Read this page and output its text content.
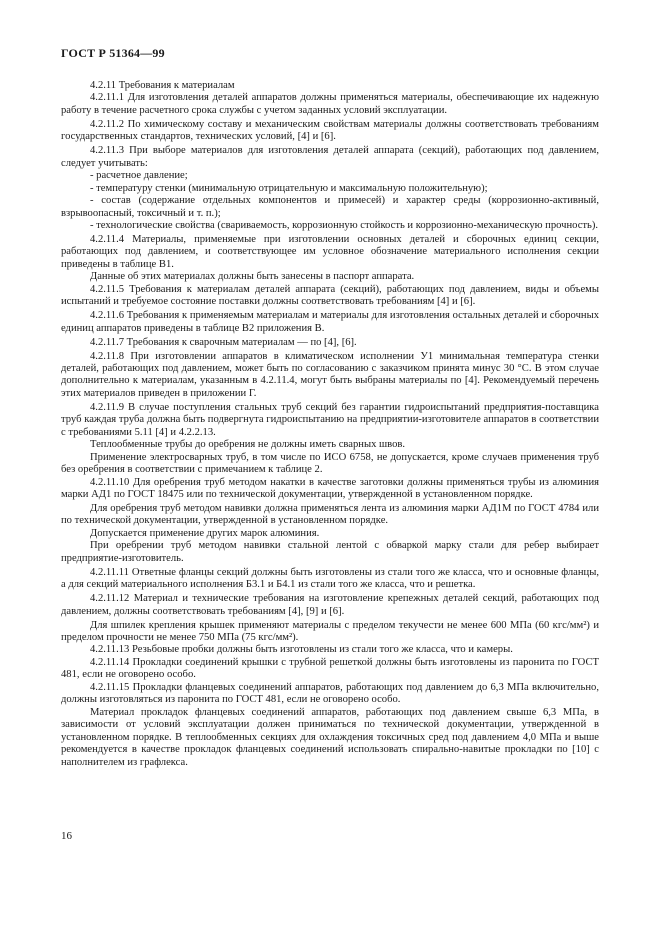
ГОСТ Р 51364—99

4.2.11 Требования к материалам

4.2.11.1 Для изготовления деталей аппаратов должны применяться материалы, обеспечивающие их надежную работу в течение расчетного срока службы с учетом заданных условий эксплуатации.

4.2.11.2 По химическому составу и механическим свойствам материалы должны соответствовать требованиям государственных стандартов, технических условий, [4] и [6].

4.2.11.3 При выборе материалов для изготовления деталей аппарата (секций), работающих под давлением, следует учитывать:

- расчетное давление;

- температуру стенки (минимальную отрицательную и максимальную положительную);

- состав (содержание отдельных компонентов и примесей) и характер среды (коррозионно-активный, взрывоопасный, токсичный и т. п.);

- технологические свойства (свариваемость, коррозионную стойкость и коррозионно-механическую прочность).

4.2.11.4 Материалы, применяемые при изготовлении основных деталей и сборочных единиц секции, работающих под давлением, и соответствующее им условное обозначение материального исполнения секции приведены в таблице В1.

Данные об этих материалах должны быть занесены в паспорт аппарата.

4.2.11.5 Требования к материалам деталей аппарата (секций), работающих под давлением, виды и объемы испытаний и требуемое состояние поставки должны соответствовать требованиям [4] и [6].

4.2.11.6 Требования к применяемым материалам и материалы для изготовления остальных деталей и сборочных единиц аппаратов приведены в таблице В2 приложения В.

4.2.11.7 Требования к сварочным материалам — по [4], [6].

4.2.11.8 При изготовлении аппаратов в климатическом исполнении У1 минимальная температура стенки деталей, работающих под давлением, может быть по согласованию с заказчиком принята минус 30 °С. В этом случае дополнительно к материалам, указанным в 4.2.11.4, могут быть выбраны материалы по [4]. Рекомендуемый перечень этих материалов приведен в приложении Г.

4.2.11.9 В случае поступления стальных труб секций без гарантии гидроиспытаний предприятия-поставщика труб каждая труба должна быть подвергнута гидроиспытанию на предприятии-изготовителе аппаратов в соответствии с требованиями 5.11 [4] и 4.2.2.13.

Теплообменные трубы до оребрения не должны иметь сварных швов.

Применение электросварных труб, в том числе по ИСО 6758, не допускается, кроме случаев применения труб без оребрения в соответствии с примечанием к таблице 2.

4.2.11.10 Для оребрения труб методом накатки в качестве заготовки должны применяться трубы из алюминия марки АД1 по ГОСТ 18475 или по технической документации, утвержденной в установленном порядке.

Для оребрения труб методом навивки должна применяться лента из алюминия марки АД1М по ГОСТ 4784 или по технической документации, утвержденной в установленном порядке.

Допускается применение других марок алюминия.

При оребрении труб методом навивки стальной лентой с обваркой марку стали для ребер выбирает предприятие-изготовитель.

4.2.11.11 Ответные фланцы секций должны быть изготовлены из стали того же класса, что и основные фланцы, а для секций материального исполнения Б3.1 и Б4.1 из стали того же класса, что и решетка.

4.2.11.12 Материал и технические требования на изготовление крепежных деталей секций, работающих под давлением, должны соответствовать требованиям [4], [9] и [6].

Для шпилек крепления крышек применяют материалы с пределом текучести не менее 600 МПа (60 кгс/мм²) и пределом прочности не менее 750 МПа (75 кгс/мм²).

4.2.11.13 Резьбовые пробки должны быть изготовлены из стали того же класса, что и камеры.

4.2.11.14 Прокладки соединений крышки с трубной решеткой должны быть изготовлены из паронита по ГОСТ 481, если не оговорено особо.

4.2.11.15 Прокладки фланцевых соединений аппаратов, работающих под давлением до 6,3 МПа включительно, должны изготовляться из паронита по ГОСТ 481, если не оговорено особо.

Материал прокладок фланцевых соединений аппаратов, работающих под давлением свыше 6,3 МПа, в зависимости от условий эксплуатации должен приниматься по технической документации, утвержденной в установленном порядке. В теплообменных секциях для охлаждения токсичных сред под давлением 4,0 МПа и выше рекомендуется в качестве прокладок фланцевых соединений использовать спирально-навитые прокладки по [10] с наполнителем из графлекса.

16
